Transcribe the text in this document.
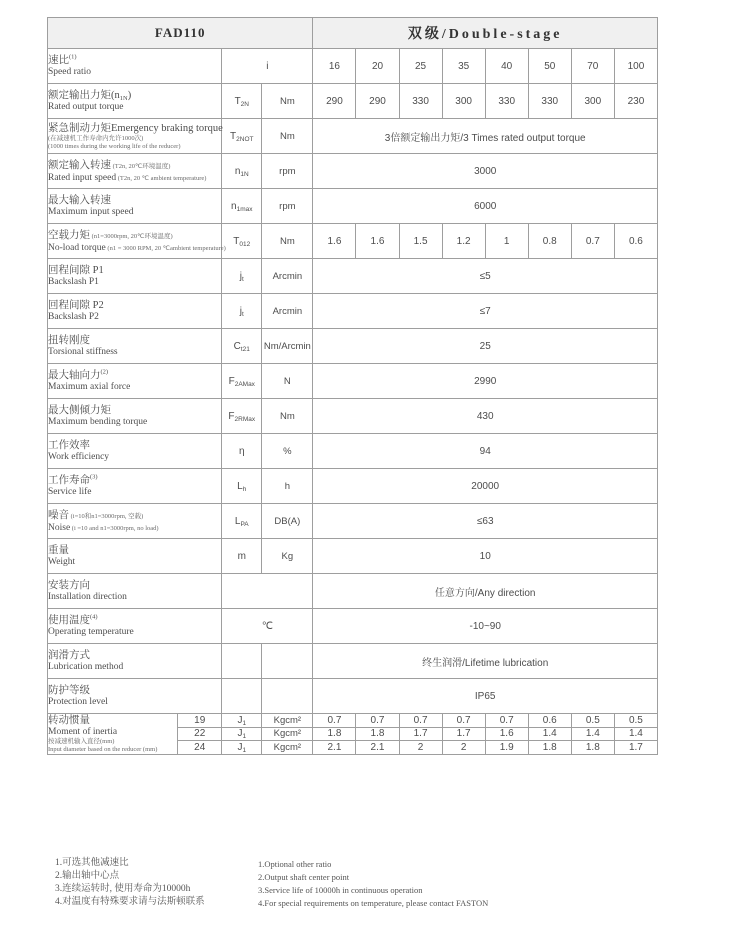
FAD110				双级/Double-stage							

速比$^{(1)}$
Speed ratio		i		16	20	25	35	40	50	70	100

额定输出力矩$(n_{1N})$
Rated output torque		$T_{2N}$	Nm	290	290	330	300	330	330	300	230

紧急制动力矩Emergency braking torque
(在减速机工作寿命内允许1000次)
(1000 times during the working life of the reducer)		$T_{2NOT}$	Nm	3倍额定输出力矩/3 Times rated output torque							

额定输入转速 (T2n, 20℃环境温度)
Rated input speed (T2n, 20 ℃ ambient temperature)		$n_{1N}$	rpm	3000							

最大输入转速
Maximum input speed		$n_{1max}$	rpm	6000							

空载力矩 (n1=3000rpm, 20℃环境温度)
No-load torque (n1 = 3000 RPM, 20 ℃ambient temperature)		$T_{012}$	Nm	1.6	1.6	1.5	1.2	1	0.8	0.7	0.6

回程间隙 P1
Backslash P1		$j_t$	Arcmin	≤5							

回程间隙 P2
Backslash P2		$j_t$	Arcmin	≤7							

扭转刚度
Torsional stiffness		$C_{t21}$	Nm/Arcmin	25							

最大轴向力$^{(2)}$
Maximum axial force		$F_{2AMax}$	N	2990							

最大侧倾力矩
Maximum bending torque		$F_{2RMax}$	Nm	430							

工作效率
Work efficiency		η	%	94							

工作寿命$^{(3)}$
Service life		$L_h$	h	20000							

噪音 (i=10和n1=3000rpm, 空载)
Noise (i =10 and n1=3000rpm, no load)		$L_{PA}$	DB(A)	≤63							

重量
Weight		m	Kg	10							

安装方向
Installation direction				任意方向/Any direction							

使用温度$^{(4)}$
Operating temperature		℃		-10~90							

润滑方式
Lubrication method				终生润滑/Lifetime lubrication							

防护等级
Protection level				IP65							

转动惯量
Moment of inertia
按减速机输入直径(mm)
Input diameter based on the reducer (mm)	19	$J_1$	Kgcm²	0.7	0.7	0.7	0.7	0.7	0.6	0.5	0.5
	22	$J_1$	Kgcm²	1.8	1.8	1.7	1.7	1.6	1.4	1.4	1.4
	24	$J_1$	Kgcm²	2.1	2.1	2	2	1.9	1.8	1.8	1.7
1.可选其他减速比
2.输出轴中心点
3.连续运转时, 使用寿命为10000h
4.对温度有特殊要求请与法斯顿联系
1.Optional other ratio
2.Output shaft center point
3.Service life of 10000h in continuous operation
4.For special requirements on temperature, please contact FASTON
